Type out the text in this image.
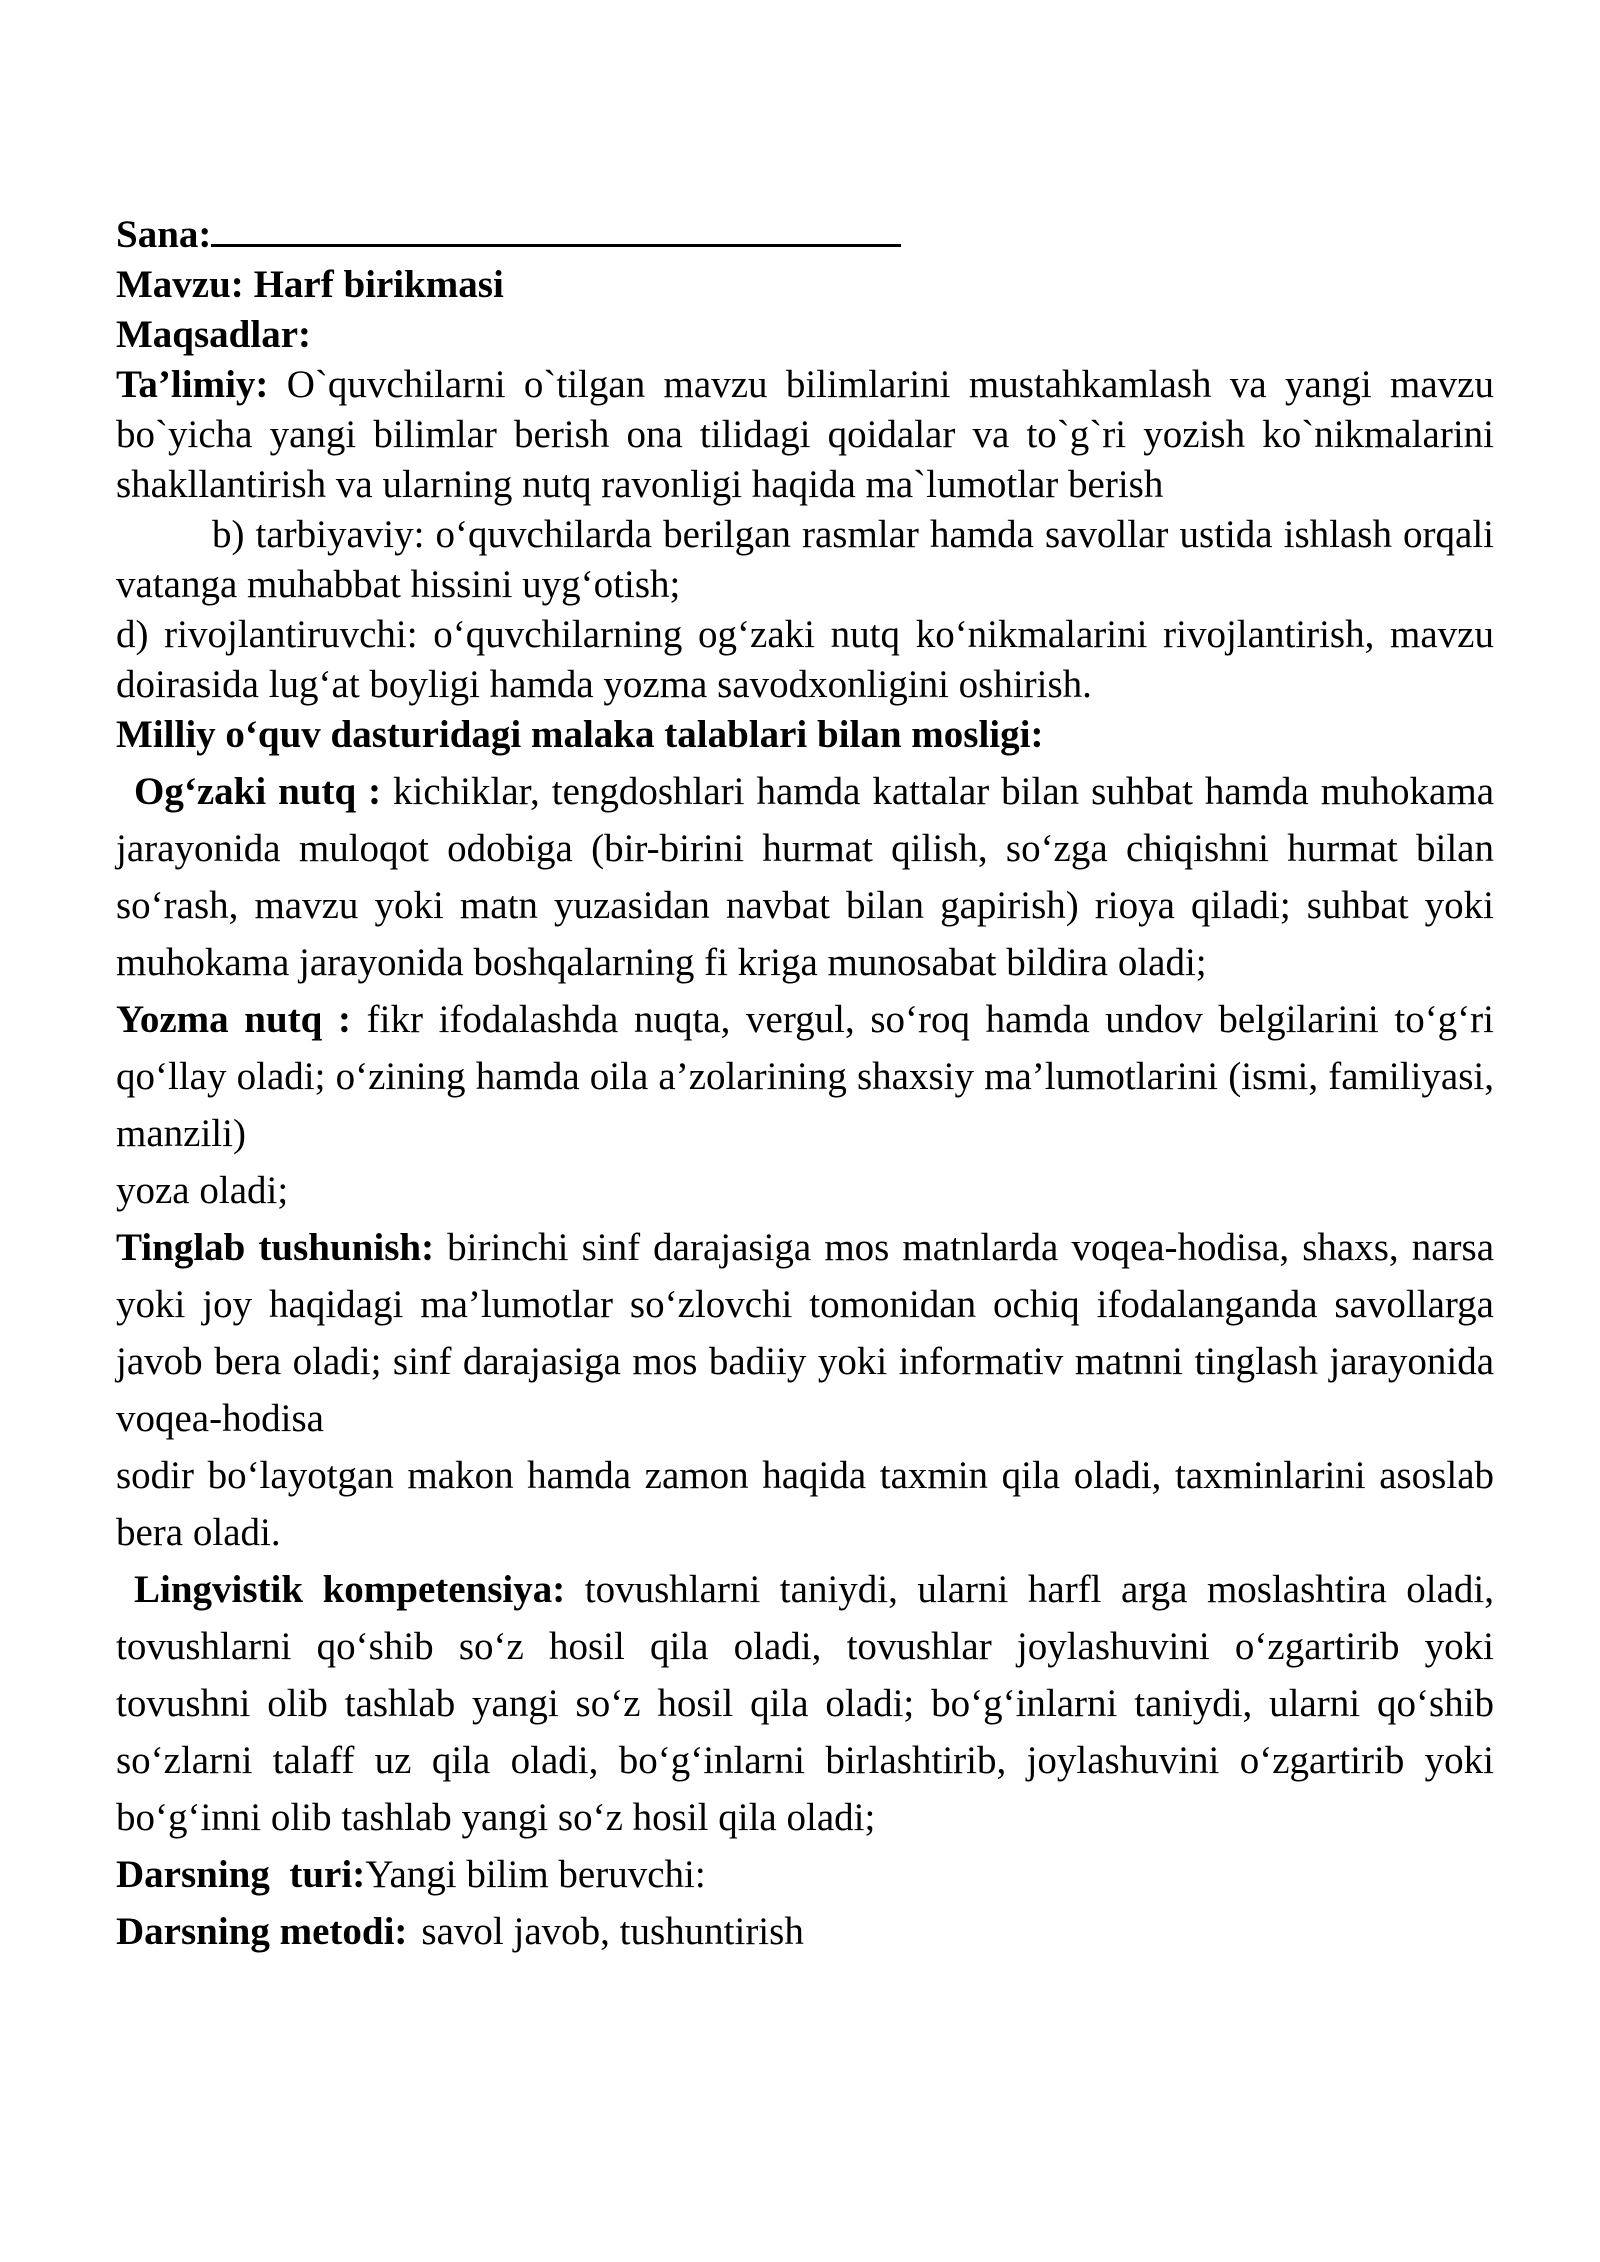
Sana:

Mavzu: Harf birikmasi

Maqsadlar:

Ta’limiy: O`quvchilarni o`tilgan mavzu bilimlarini mustahkamlash va yangi mavzu bo`yicha yangi bilimlar berish ona tilidagi qoidalar va to`g`ri yozish ko`nikmalarini shakllantirish va ularning nutq ravonligi haqida ma`lumotlar berish

b) tarbiyaviy: o‘quvchilarda berilgan rasmlar hamda savollar ustida ishlash orqali vatanga muhabbat hissini uyg‘otish;

d) rivojlantiruvchi: o‘quvchilarning og‘zaki nutq ko‘nikmalarini rivojlantirish, mavzu doirasida lug‘at boyligi hamda yozma savodxonligini oshirish.

Milliy o‘quv dasturidagi malaka talablari bilan mosligi:

Og‘zaki nutq : kichiklar, tengdoshlari hamda kattalar bilan suhbat hamda muhokama jarayonida muloqot odobiga (bir-birini hurmat qilish, so‘zga chiqishni hurmat bilan so‘rash, mavzu yoki matn yuzasidan navbat bilan gapirish) rioya qiladi; suhbat yoki muhokama jarayonida boshqalarning fi kriga munosabat bildira oladi;

Yozma nutq : fikr ifodalashda nuqta, vergul, so‘roq hamda undov belgilarini to‘g‘ri qo‘llay oladi; o‘zining hamda oila a’zolarining shaxsiy ma’lumotlarini (ismi, familiyasi, manzili)

yoza oladi;

Tinglab tushunish: birinchi sinf darajasiga mos matnlarda voqea-hodisa, shaxs, narsa yoki joy haqidagi ma’lumotlar so‘zlovchi tomonidan ochiq ifodalanganda savollarga javob bera oladi; sinf darajasiga mos badiiy yoki informativ matnni tinglash jarayonida voqea-hodisa

sodir bo‘layotgan makon hamda zamon haqida taxmin qila oladi, taxminlarini asoslab bera oladi.

Lingvistik kompetensiya: tovushlarni taniydi, ularni harfl arga moslashtira oladi, tovushlarni qo‘shib so‘z hosil qila oladi, tovushlar joylashuvini o‘zgartirib yoki tovushni olib tashlab yangi so‘z hosil qila oladi; bo‘g‘inlarni taniydi, ularni qo‘shib so‘zlarni talaff uz qila oladi, bo‘g‘inlarni birlashtirib, joylashuvini o‘zgartirib yoki bo‘g‘inni olib tashlab yangi so‘z hosil qila oladi;

Darsning  turi:Yangi bilim beruvchi:

Darsning metodi: savol javob, tushuntirish
